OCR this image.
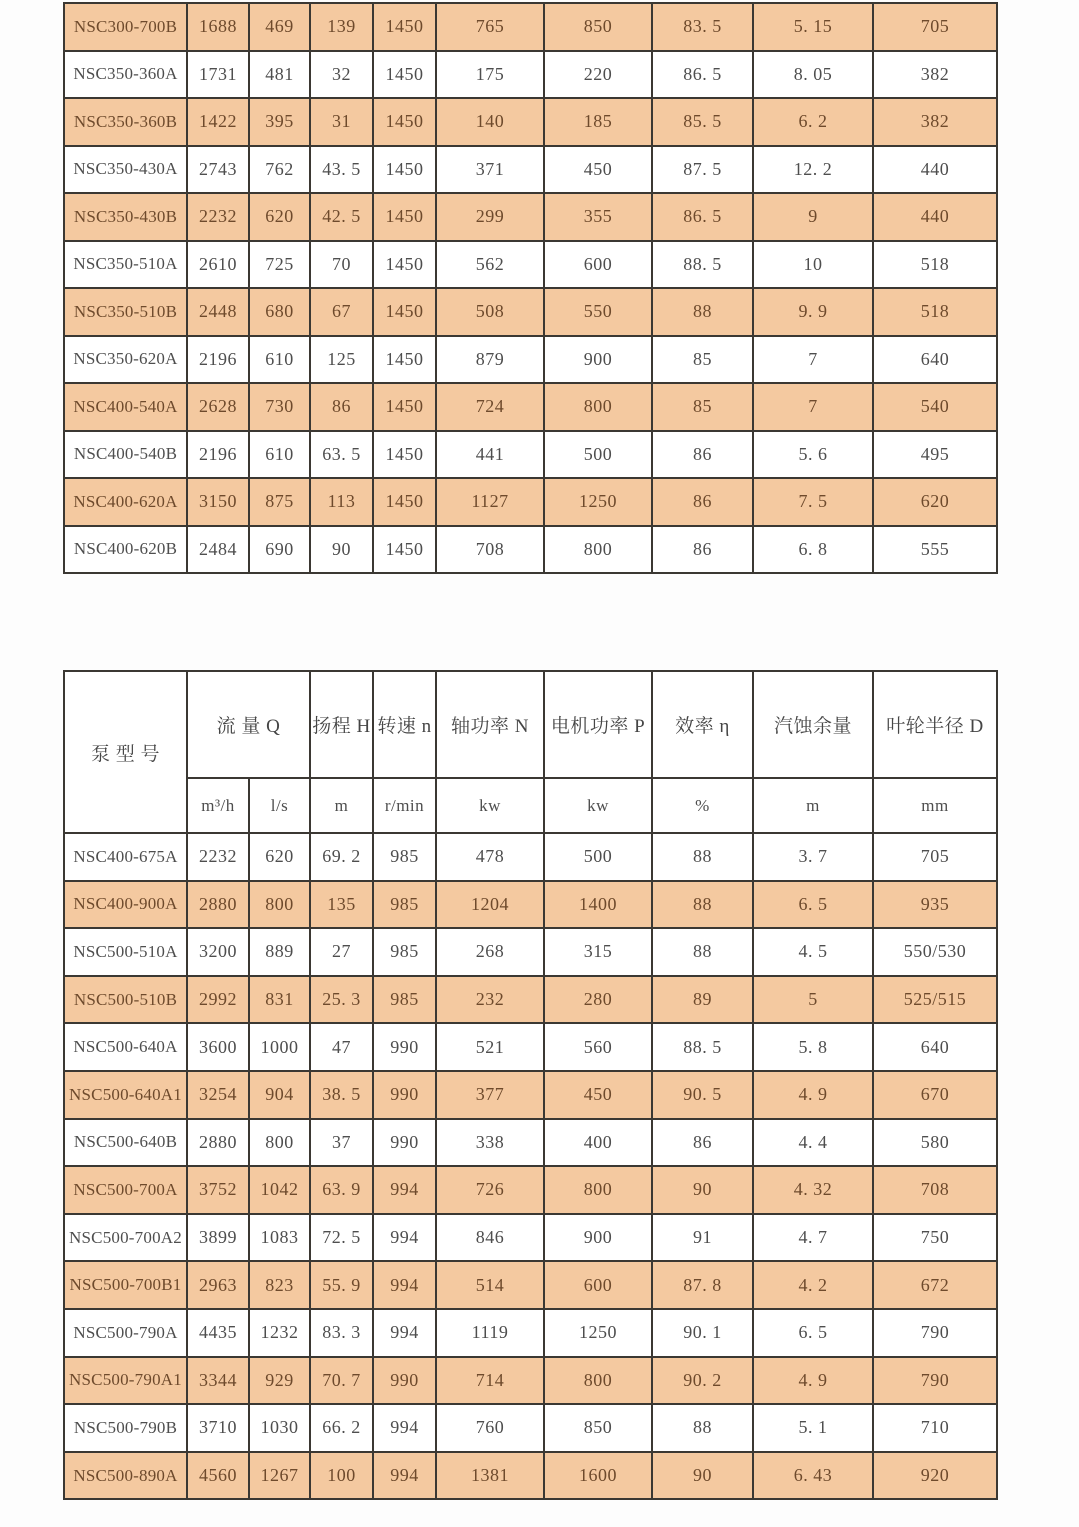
NSC300-700B	1688	469	139	1450	765	850	83. 5	5. 15	705
NSC350-360A	1731	481	32	1450	175	220	86. 5	8. 05	382
NSC350-360B	1422	395	31	1450	140	185	85. 5	6. 2	382
NSC350-430A	2743	762	43. 5	1450	371	450	87. 5	12. 2	440
NSC350-430B	2232	620	42. 5	1450	299	355	86. 5	9	440
NSC350-510A	2610	725	70	1450	562	600	88. 5	10	518
NSC350-510B	2448	680	67	1450	508	550	88	9. 9	518
NSC350-620A	2196	610	125	1450	879	900	85	7	640
NSC400-540A	2628	730	86	1450	724	800	85	7	540
NSC400-540B	2196	610	63. 5	1450	441	500	86	5. 6	495
NSC400-620A	3150	875	113	1450	1127	1250	86	7. 5	620
NSC400-620B	2484	690	90	1450	708	800	86	6. 8	555
泵 型 号	流 量 Q		扬程 H	转速 n	轴功率 N	电机功率 P	效率 η	汽蚀余量	叶轮半径 D
	m³/h	l/s	m	r/min	kw	kw	%	m	mm
NSC400-675A	2232	620	69. 2	985	478	500	88	3. 7	705
NSC400-900A	2880	800	135	985	1204	1400	88	6. 5	935
NSC500-510A	3200	889	27	985	268	315	88	4. 5	550/530
NSC500-510B	2992	831	25. 3	985	232	280	89	5	525/515
NSC500-640A	3600	1000	47	990	521	560	88. 5	5. 8	640
NSC500-640A1	3254	904	38. 5	990	377	450	90. 5	4. 9	670
NSC500-640B	2880	800	37	990	338	400	86	4. 4	580
NSC500-700A	3752	1042	63. 9	994	726	800	90	4. 32	708
NSC500-700A2	3899	1083	72. 5	994	846	900	91	4. 7	750
NSC500-700B1	2963	823	55. 9	994	514	600	87. 8	4. 2	672
NSC500-790A	4435	1232	83. 3	994	1119	1250	90. 1	6. 5	790
NSC500-790A1	3344	929	70. 7	990	714	800	90. 2	4. 9	790
NSC500-790B	3710	1030	66. 2	994	760	850	88	5. 1	710
NSC500-890A	4560	1267	100	994	1381	1600	90	6. 43	920
